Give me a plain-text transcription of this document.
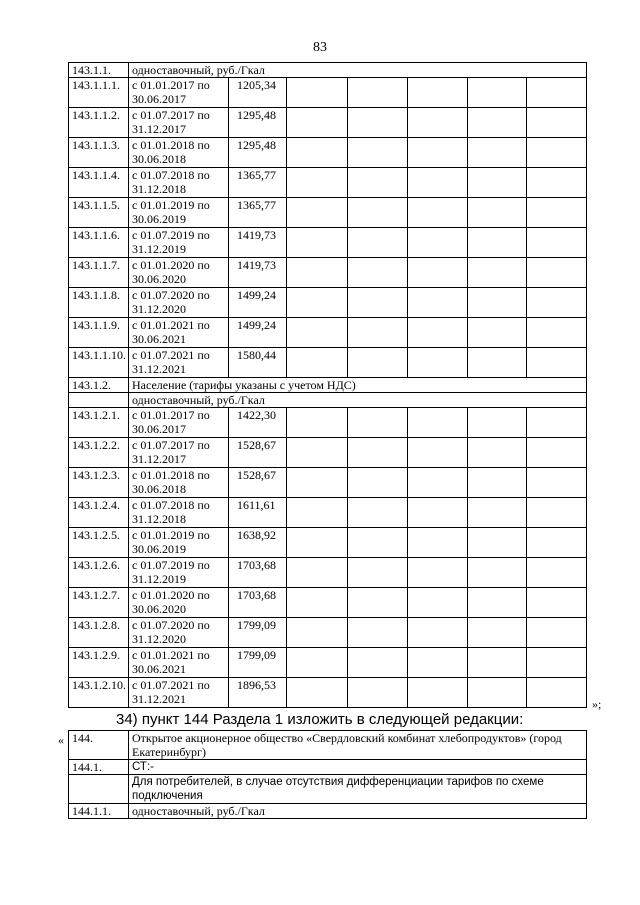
83
143.1.1.	одноставочный, руб./Гкал						
143.1.1.1.	с 01.01.2017 по 30.06.2017	1205,34					
143.1.1.2.	с 01.07.2017 по 31.12.2017	1295,48					
143.1.1.3.	с 01.01.2018 по 30.06.2018	1295,48					
143.1.1.4.	с 01.07.2018 по 31.12.2018	1365,77					
143.1.1.5.	с 01.01.2019 по 30.06.2019	1365,77					
143.1.1.6.	с 01.07.2019 по 31.12.2019	1419,73					
143.1.1.7.	с 01.01.2020 по 30.06.2020	1419,73					
143.1.1.8.	с 01.07.2020 по 31.12.2020	1499,24					
143.1.1.9.	с 01.01.2021 по 30.06.2021	1499,24					
143.1.1.10.	с 01.07.2021 по 31.12.2021	1580,44					
143.1.2.	Население (тарифы указаны с учетом НДС)						
	одноставочный, руб./Гкал						
143.1.2.1.	с 01.01.2017 по 30.06.2017	1422,30					
143.1.2.2.	с 01.07.2017 по 31.12.2017	1528,67					
143.1.2.3.	с 01.01.2018 по 30.06.2018	1528,67					
143.1.2.4.	с 01.07.2018 по 31.12.2018	1611,61					
143.1.2.5.	с 01.01.2019 по 30.06.2019	1638,92					
143.1.2.6.	с 01.07.2019 по 31.12.2019	1703,68					
143.1.2.7.	с 01.01.2020 по 30.06.2020	1703,68					
143.1.2.8.	с 01.07.2020 по 31.12.2020	1799,09					
143.1.2.9.	с 01.01.2021 по 30.06.2021	1799,09					
143.1.2.10.	с 01.07.2021 по 31.12.2021	1896,53					
»;
34) пункт 144 Раздела 1 изложить в следующей редакции:
« 144.	Открытое акционерное общество «Свердловский комбинат хлебопродуктов» (город Екатеринбург)
144.1.	СТ:-
	Для потребителей, в случае отсутствия дифференциации тарифов по схеме подключения
144.1.1.	одноставочный, руб./Гкал
